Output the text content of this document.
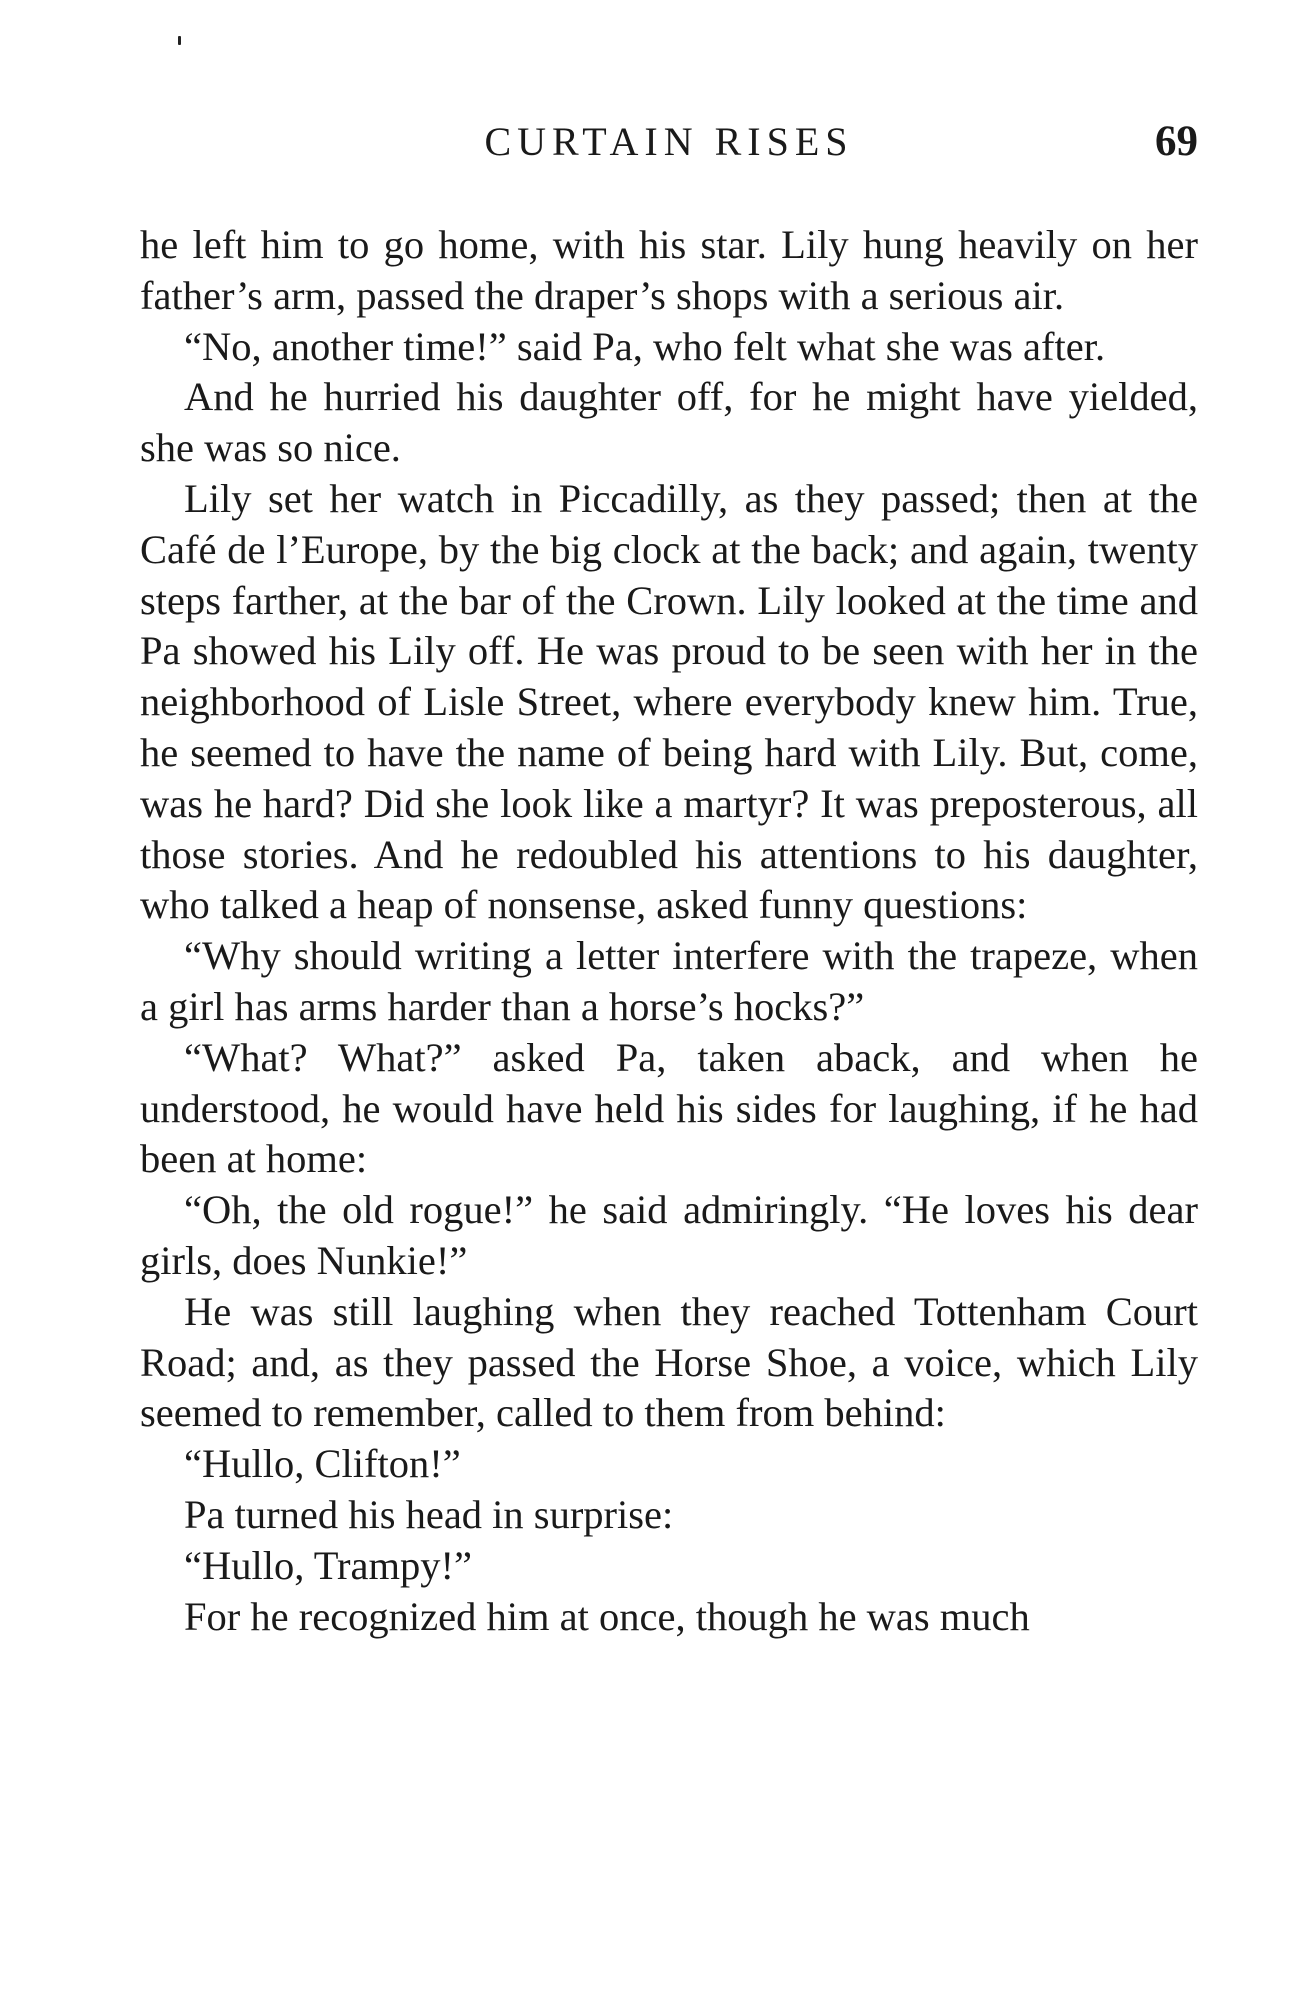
CURTAIN RISES	69

he left him to go home, with his star. Lily hung heavily on her father’s arm, passed the draper’s shops with a serious air.

“No, another time!” said Pa, who felt what she was after.

And he hurried his daughter off, for he might have yielded, she was so nice.

Lily set her watch in Piccadilly, as they passed; then at the Café de l’Europe, by the big clock at the back; and again, twenty steps farther, at the bar of the Crown. Lily looked at the time and Pa showed his Lily off. He was proud to be seen with her in the neighborhood of Lisle Street, where everybody knew him. True, he seemed to have the name of being hard with Lily. But, come, was he hard? Did she look like a martyr? It was preposterous, all those stories. And he redoubled his attentions to his daughter, who talked a heap of nonsense, asked funny questions:

“Why should writing a letter interfere with the trapeze, when a girl has arms harder than a horse’s hocks?”

“What? What?” asked Pa, taken aback, and when he understood, he would have held his sides for laughing, if he had been at home:

“Oh, the old rogue!” he said admiringly. “He loves his dear girls, does Nunkie!”

He was still laughing when they reached Tottenham Court Road; and, as they passed the Horse Shoe, a voice, which Lily seemed to remember, called to them from behind:

“Hullo, Clifton!”

Pa turned his head in surprise:

“Hullo, Trampy!”

For he recognized him at once, though he was much
